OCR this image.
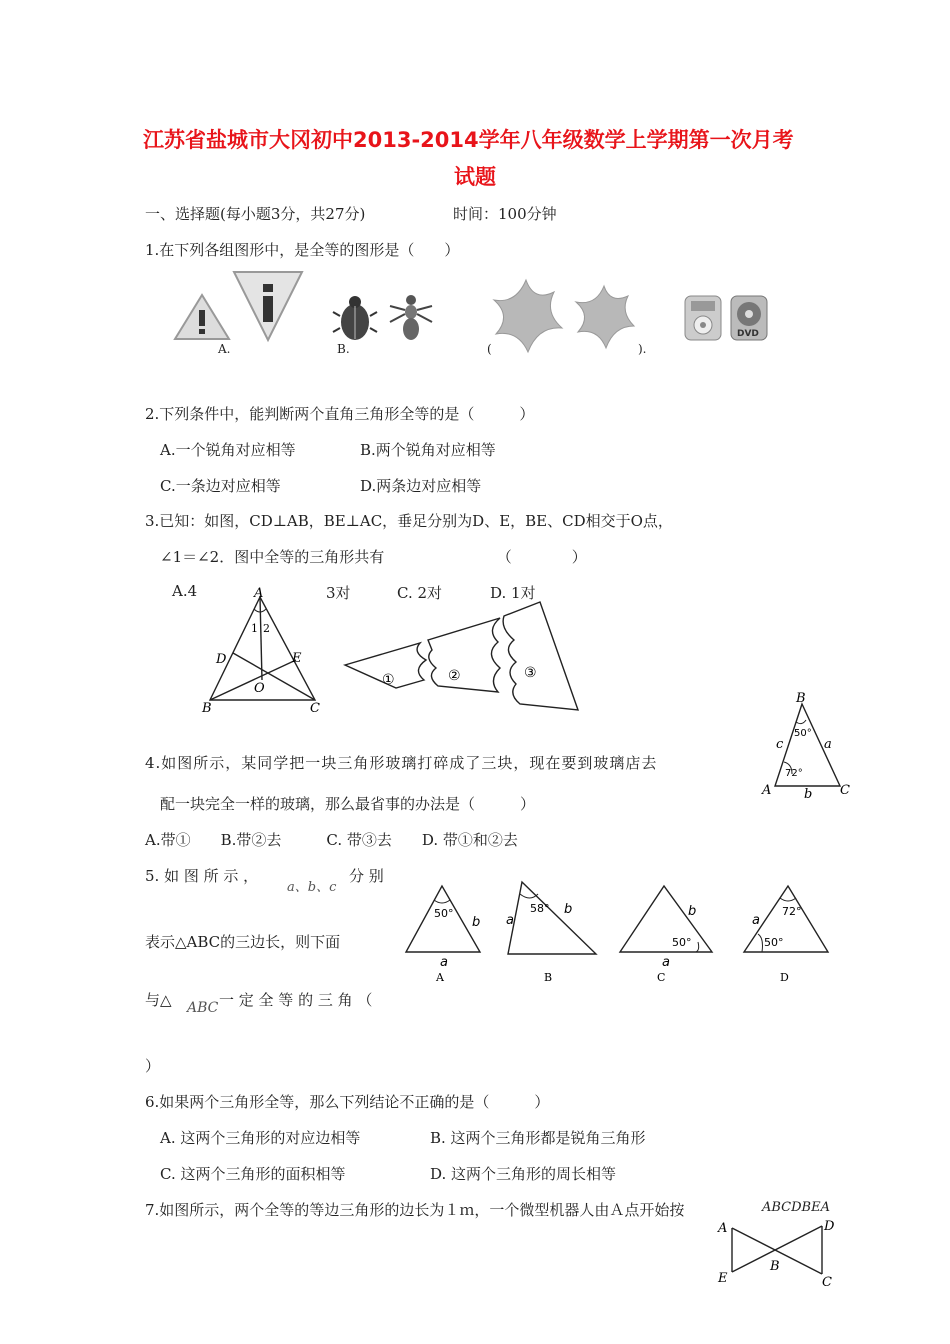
江苏省盐城市大冈初中2013-2014学年八年级数学上学期第一次月考
试题
一、选择题(每小题3分，共27分)	时间：100分钟
1.在下列各组图形中，是全等的图形是（　　）
A.	B.	(	).
DVD
2.下列条件中，能判断两个直角三角形全等的是（　　　）
A.一个锐角对应相等	B.两个锐角对应相等
C.一条边对应相等	D.两条边对应相等
3.已知：如图，CD⊥AB，BE⊥AC，垂足分别为D、E，BE、CD相交于O点，
∠1＝∠2．图中全等的三角形共有　　　　　　　　（　　　　）
A.4	3对	C. 2对	D. 1对
A
1 2
D	E
O
B	C
①	②	③
B
50°
c	a
72°
A	b C
4.如图所示，某同学把一块三角形玻璃打碎成了三块，现在要到玻璃店去
配一块完全一样的玻璃，那么最省事的办法是（　　　）
A.带①　　B.带②去　　　C. 带③去　　D. 带①和②去
5. 如 图 所 示 ，
a、b、c
分 别
表示△ABC的三边长，则下面
与△ ABC 一 定 全 等 的 三 角 （
）
50°
b
a
A
58°
a
b
B
b
50°
a
C
72°
a
50°
D
6.如果两个三角形全等，那么下列结论不正确的是（　　　）
A. 这两个三角形的对应边相等	B. 这两个三角形都是锐角三角形
C. 这两个三角形的面积相等	D. 这两个三角形的周长相等
7.如图所示，两个全等的等边三角形的边长为１ｍ，一个微型机器人由Ａ点开始按	ABCDBEA
A	D
B
E	C
